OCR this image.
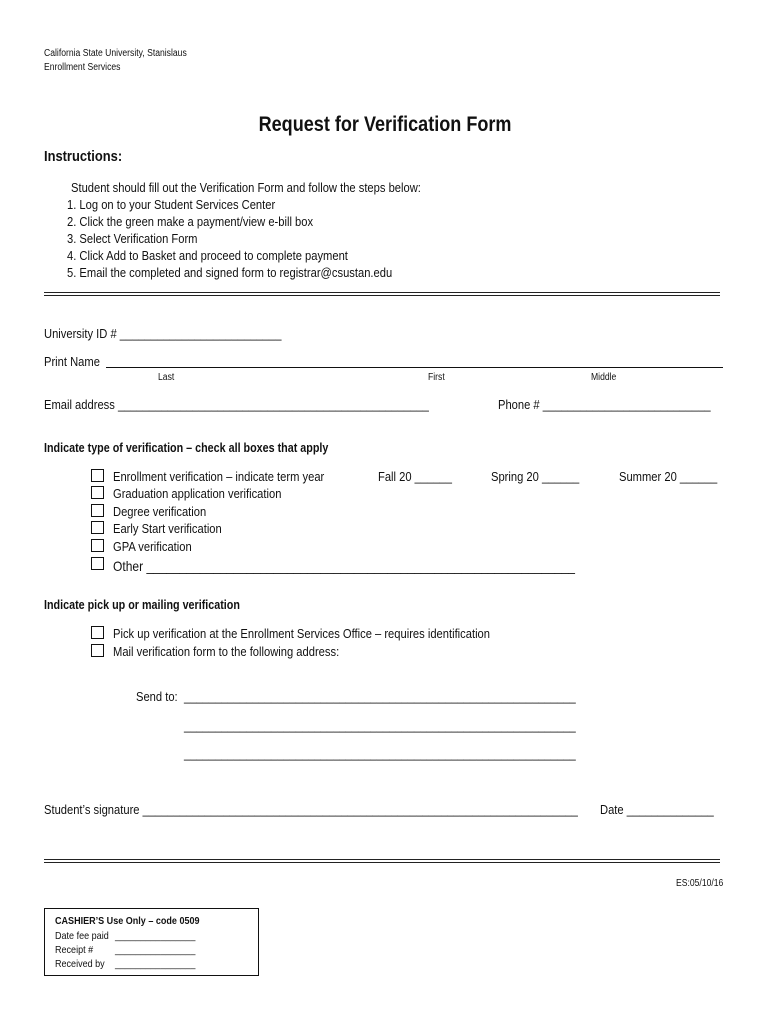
California State University, Stanislaus
Enrollment Services
Request for Verification Form
Instructions:
Student should fill out the Verification Form and follow the steps below:
1. Log on to your Student Services Center
2. Click the green make a payment/view e-bill box
3. Select Verification Form
4. Click Add to Basket and proceed to complete payment
5. Email the completed and signed form to registrar@csustan.edu
University ID # __________________________
Print Name
Last	First	Middle
Email address __________________________________________________	Phone # ___________________________
Indicate type of verification – check all boxes that apply
Enrollment verification – indicate term year	Fall 20 ______	Spring 20 ______	Summer 20 ______
Graduation application verification
Degree verification
Early Start verification
GPA verification
Other ________________________________________________________________
Indicate pick up or mailing verification
Pick up verification at the Enrollment Services Office – requires identification
Mail verification form to the following address:
Send to: _______________________________________________________________
_______________________________________________________________
_______________________________________________________________
Student’s signature ______________________________________________________________________	Date ______________
ES:05/10/16
CASHIER’S Use Only – code 0509
Date fee paid ________________
Receipt #	________________
Received by ________________
